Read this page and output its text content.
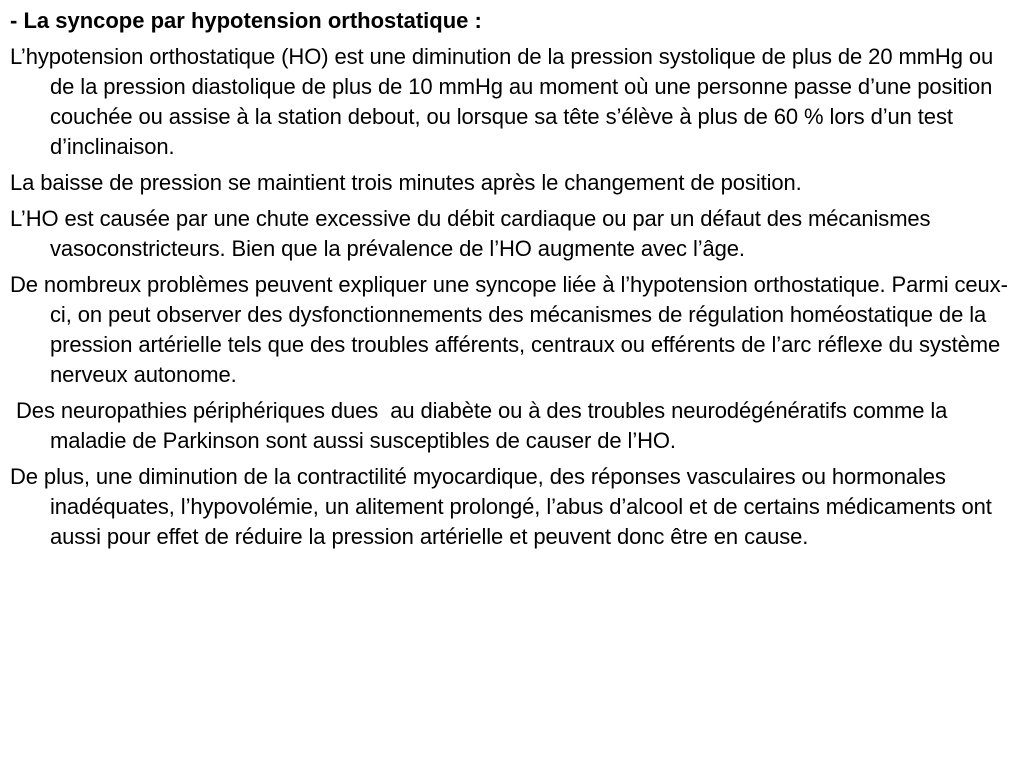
- La syncope par hypotension orthostatique :

L’hypotension orthostatique (HO) est une diminution de la pression systolique de plus de 20 mmHg ou de la pression diastolique de plus de 10 mmHg au moment où une personne passe d’une position couchée ou assise à la station debout, ou lorsque sa tête s’élève à plus de 60 % lors d’un test d’inclinaison.

La baisse de pression se maintient trois minutes après le changement de position.

L’HO est causée par une chute excessive du débit cardiaque ou par un défaut des mécanismes vasoconstricteurs. Bien que la prévalence de l’HO augmente avec l’âge.

De nombreux problèmes peuvent expliquer une syncope liée à l’hypotension orthostatique. Parmi ceux-ci, on peut observer des dysfonctionnements des mécanismes de régulation homéostatique de la pression artérielle tels que des troubles afférents, centraux ou efférents de l’arc réflexe du système nerveux autonome.

Des neuropathies périphériques dues  au diabète ou à des troubles neurodégénératifs comme la maladie de Parkinson sont aussi susceptibles de causer de l’HO.

De plus, une diminution de la contractilité myocardique, des réponses vasculaires ou hormonales inadéquates, l’hypovolémie, un alitement prolongé, l’abus d’alcool et de certains médicaments ont aussi pour effet de réduire la pression artérielle et peuvent donc être en cause.
